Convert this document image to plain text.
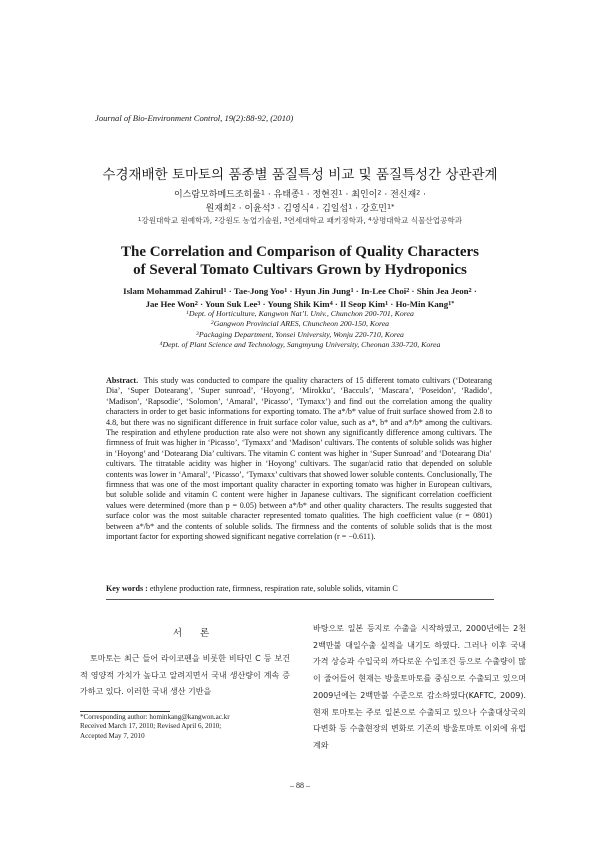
Journal of Bio-Environment Control, 19(2):88-92, (2010)
수경재배한 토마토의 품종별 품질특성 비교 및 품질특성간 상관관계
이스람모하메드조히룰$^1$ · 유태종$^1$ · 정현진$^1$ · 최인이$^2$ · 전신재$^2$ ·
원재희$^2$ · 이윤석$^3$ · 김영식$^4$ · 김일섭$^1$ · 강호민$^{1*}$
$^1$강원대학교 원예학과, $^2$강원도 농업기술원, $^3$연세대학교 패키징학과, $^4$상명대학교 식물산업공학과
The Correlation and Comparison of Quality Characters
of Several Tomato Cultivars Grown by Hydroponics
Islam Mohammad Zahirul$^1$ · Tae-Jong Yoo$^1$ · Hyun Jin Jung$^1$ · In-Lee Choi$^2$ · Shin Jea Jeon$^2$ ·
Jae Hee Won$^2$ · Youn Suk Lee$^3$ · Young Shik Kim$^4$ · Il Seop Kim$^1$ · Ho-Min Kang$^{1*}$
$^1$Dept. of Horticulture, Kangwon Nat’l. Univ., Chunchon 200-701, Korea
$^2$Gangwon Provincial ARES, Chuncheon 200-150, Korea
$^3$Packaging Department, Yonsei University, Wonju 220-710, Korea
$^4$Dept. of Plant Science and Technology, Sangmyung University, Cheonan 330-720, Korea
Abstract. This study was conducted to compare the quality characters of 15 different tomato cultivars (‘Dotearang Dia’, ‘Super Dotearang’, ‘Super sunroad’, ‘Hoyong’, ‘Mirokku’, ‘Bacculs’, ‘Mascara’, ‘Poseidon’, ‘Radido’, ‘Madison’, ‘Rapsodie’, ‘Solomon’, ‘Amaral’, ‘Picasso’, ‘Tymaxx’) and find out the correlation among the quality characters in order to get basic informations for exporting tomato. The a*/b* value of fruit surface showed from 2.8 to 4.8, but there was no significant difference in fruit surface color value, such as a*, b* and a*/b* among the cultivars. The respiration and ethylene production rate also were not shown any significantly difference among cultivars. The firmness of fruit was higher in ‘Picasso’, ‘Tymaxx’ and ‘Madison’ cultivars. The contents of soluble solids was higher in ‘Hoyong’ and ‘Dotearang Dia’ cultivars. The vitamin C content was higher in ‘Super Sunroad’ and ‘Dotearang Dia’ cultivars. The titratable acidity was higher in ‘Hoyong’ cultivars. The sugar/acid ratio that depended on soluble contents was lower in ‘Amaral’, ‘Picasso’, ‘Tymaxx’ cultivars that showed lower soluble contents. Conclusionally, The firmness that was one of the most important quality character in exporting tomato was higher in European cultivars, but soluble solide and vitamin C content were higher in Japanese cultivars. The significant correlation coefficient values were determined (more than p = 0.05) between a*/b* and other quality characters. The results suggested that surface color was the most suitable character represented tomato qualities. The high coefficient value (r = 0801) between a*/b* and the contents of soluble solids. The firmness and the contents of soluble solids that is the most important factor for exporting showed significant negative correlation (r = −0.611).
Key words : ethylene production rate, firmness, respiration rate, soluble solids, vitamin C
서론
토마토는 최근 들어 라이코펜을 비롯한 비타민 C 등 보건적 영양적 가치가 높다고 알려지면서 국내 생산량이 계속 증가하고 있다. 이러한 국내 생산 기반을
*Corresponding author: hominkang@kangwon.ac.kr
Received March 17, 2010; Revised April 6, 2010;
Accepted May 7, 2010
바탕으로 일본 등지로 수출을 시작하였고, 2000년에는 2천 2백만불 대일수출 실적을 내기도 하였다. 그러나 이후 국내 가격 상승과 수입국의 까다로운 수입조건 등으로 수출량이 많이 줄어들어 현재는 방울토마토를 중심으로 수출되고 있으며 2009년에는 2백만불 수준으로 감소하였다(KAFTC, 2009). 현재 토마토는 주로 일본으로 수출되고 있으나 수출대상국의 다변화 등 수출현장의 변화로 기존의 방울토마토 이외에 유럽계와
– 88 –
